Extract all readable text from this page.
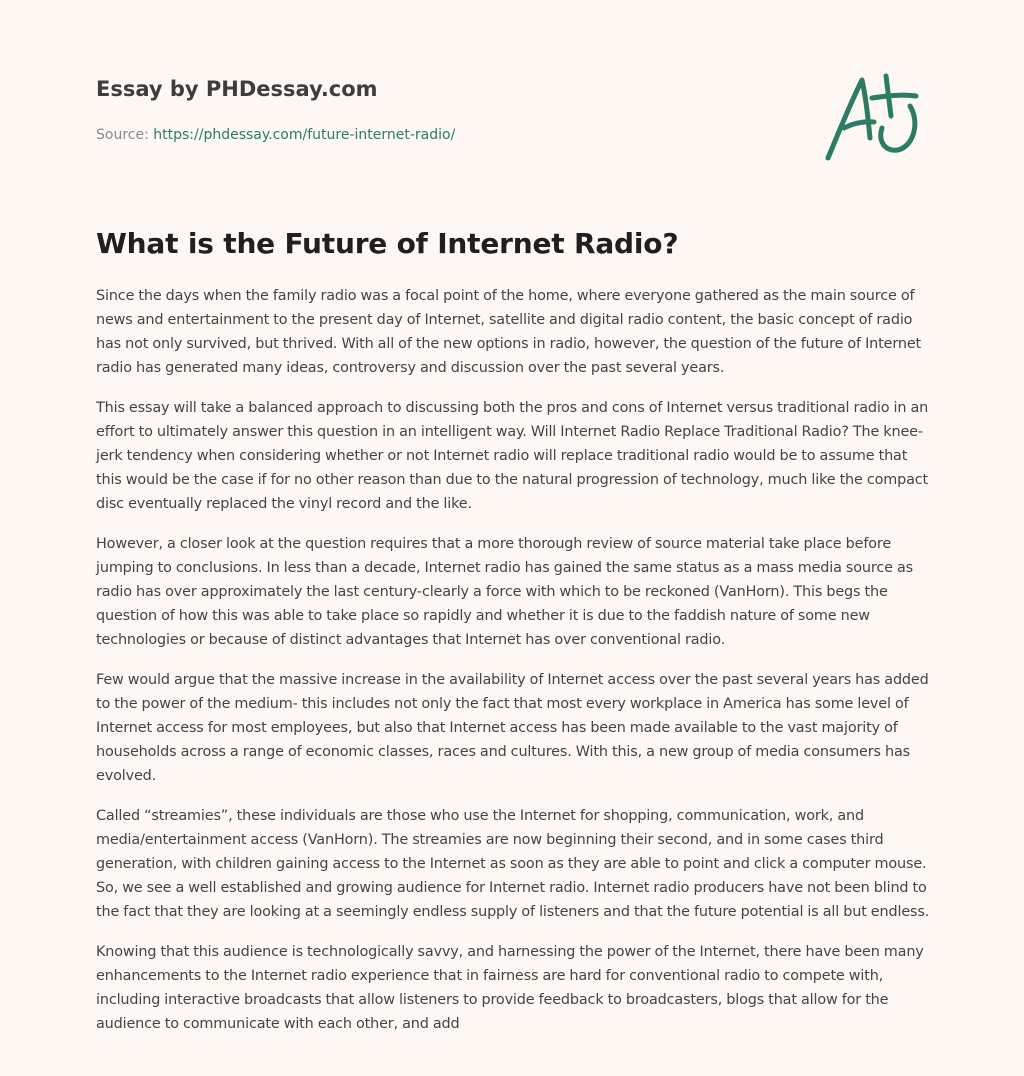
Essay by PHDessay.com
Source: https://phdessay.com/future-internet-radio/
What is the Future of Internet Radio?

Since the days when the family radio was a focal point of the home, where everyone gathered as the main source of news and entertainment to the present day of Internet, satellite and digital radio content, the basic concept of radio has not only survived, but thrived. With all of the new options in radio, however, the question of the future of Internet radio has generated many ideas, controversy and discussion over the past several years.

This essay will take a balanced approach to discussing both the pros and cons of Internet versus traditional radio in an effort to ultimately answer this question in an intelligent way. Will Internet Radio Replace Traditional Radio? The knee-jerk tendency when considering whether or not Internet radio will replace traditional radio would be to assume that this would be the case if for no other reason than due to the natural progression of technology, much like the compact disc eventually replaced the vinyl record and the like.

However, a closer look at the question requires that a more thorough review of source material take place before jumping to conclusions. In less than a decade, Internet radio has gained the same status as a mass media source as radio has over approximately the last century-clearly a force with which to be reckoned (VanHorn). This begs the question of how this was able to take place so rapidly and whether it is due to the faddish nature of some new technologies or because of distinct advantages that Internet has over conventional radio.

Few would argue that the massive increase in the availability of Internet access over the past several years has added to the power of the medium- this includes not only the fact that most every workplace in America has some level of Internet access for most employees, but also that Internet access has been made available to the vast majority of households across a range of economic classes, races and cultures. With this, a new group of media consumers has evolved.

Called “streamies”, these individuals are those who use the Internet for shopping, communication, work, and media/entertainment access (VanHorn). The streamies are now beginning their second, and in some cases third generation, with children gaining access to the Internet as soon as they are able to point and click a computer mouse. So, we see a well established and growing audience for Internet radio. Internet radio producers have not been blind to the fact that they are looking at a seemingly endless supply of listeners and that the future potential is all but endless.

Knowing that this audience is technologically savvy, and harnessing the power of the Internet, there have been many enhancements to the Internet radio experience that in fairness are hard for conventional radio to compete with, including interactive broadcasts that allow listeners to provide feedback to broadcasters, blogs that allow for the audience to communicate with each other, and add
